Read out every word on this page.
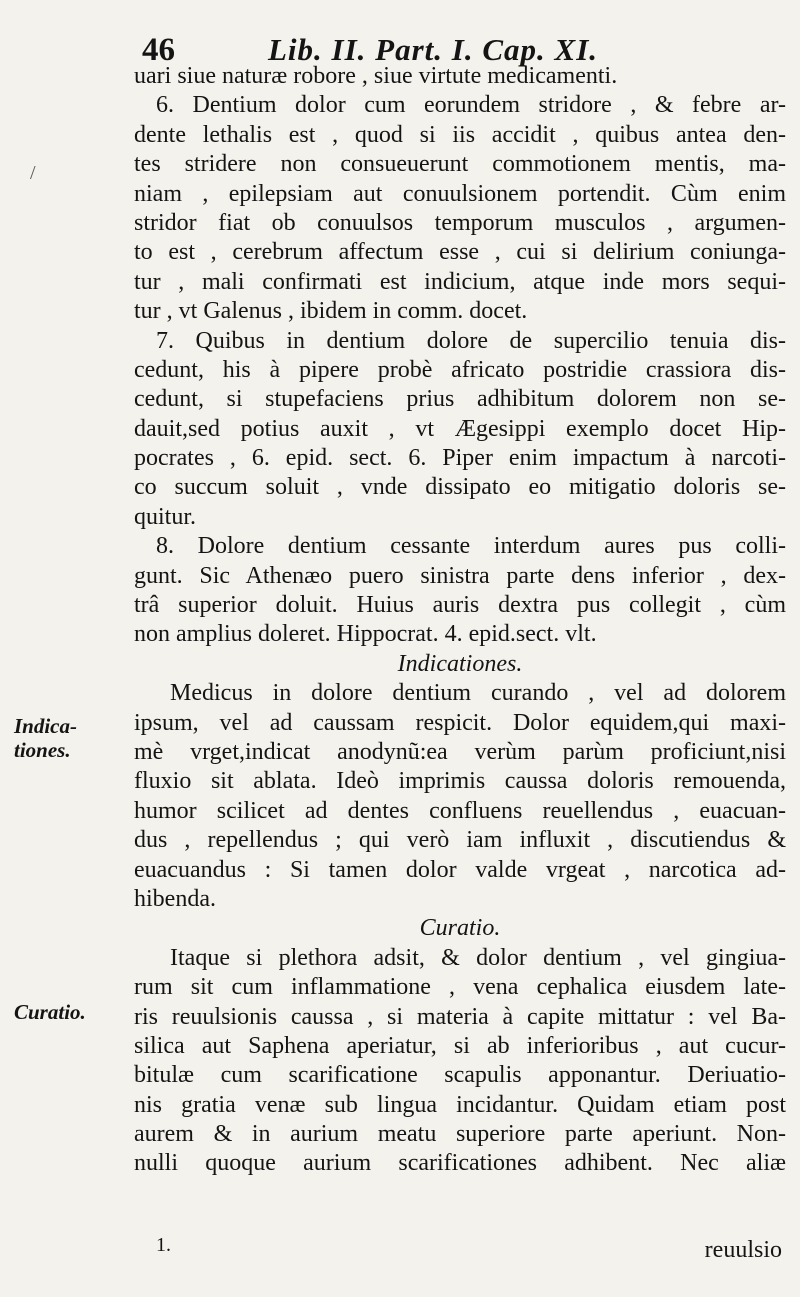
46	Lib. II. Part. I. Cap. XI.
/
Indica-tiones.
Curatio.
uari siue naturæ robore , siue virtute medicamenti.
6. Dentium dolor cum eorundem stridore , & febre ar-
dente lethalis est , quod si iis accidit , quibus antea den-
tes stridere non consueuerunt commotionem mentis, ma-
niam , epilepsiam aut conuulsionem portendit. Cùm enim
stridor fiat ob conuulsos temporum musculos , argumen-
to est , cerebrum affectum esse , cui si delirium coniunga-
tur , mali confirmati est indicium, atque inde mors sequi-
tur , vt Galenus , ibidem in comm. docet.
7. Quibus in dentium dolore de supercilio tenuia dis-
cedunt, his à pipere probè africato postridie crassiora dis-
cedunt, si stupefaciens prius adhibitum dolorem non se-
dauit,sed potius auxit , vt Ægesippi exemplo docet Hip-
pocrates , 6. epid. sect. 6. Piper enim impactum à narcoti-
co succum soluit , vnde dissipato eo mitigatio doloris se-
quitur.
8. Dolore dentium cessante interdum aures pus colli-
gunt. Sic Athenæo puero sinistra parte dens inferior , dex-
trâ superior doluit. Huius auris dextra pus collegit , cùm
non amplius doleret. Hippocrat. 4. epid.sect. vlt.
Indicationes.
Medicus in dolore dentium curando , vel ad dolorem
ipsum, vel ad caussam respicit. Dolor equidem,qui maxi-
mè vrget,indicat anodynũ:ea verùm parùm proficiunt,nisi
fluxio sit ablata. Ideò imprimis caussa doloris remouenda,
humor scilicet ad dentes confluens reuellendus , euacuan-
dus , repellendus ; qui verò iam influxit , discutiendus &
euacuandus : Si tamen dolor valde vrgeat , narcotica ad-
hibenda.
Curatio.
Itaque si plethora adsit, & dolor dentium , vel gingiua-
rum sit cum inflammatione , vena cephalica eiusdem late-
ris reuulsionis caussa , si materia à capite mittatur : vel Ba-
silica aut Saphena aperiatur, si ab inferioribus , aut cucur-
bitulæ cum scarificatione scapulis apponantur. Deriuatio-
nis gratia venæ sub lingua incidantur. Quidam etiam post
aurem & in aurium meatu superiore parte aperiunt. Non-
nulli quoque aurium scarificationes adhibent. Nec aliæ
1.	reuulsio
